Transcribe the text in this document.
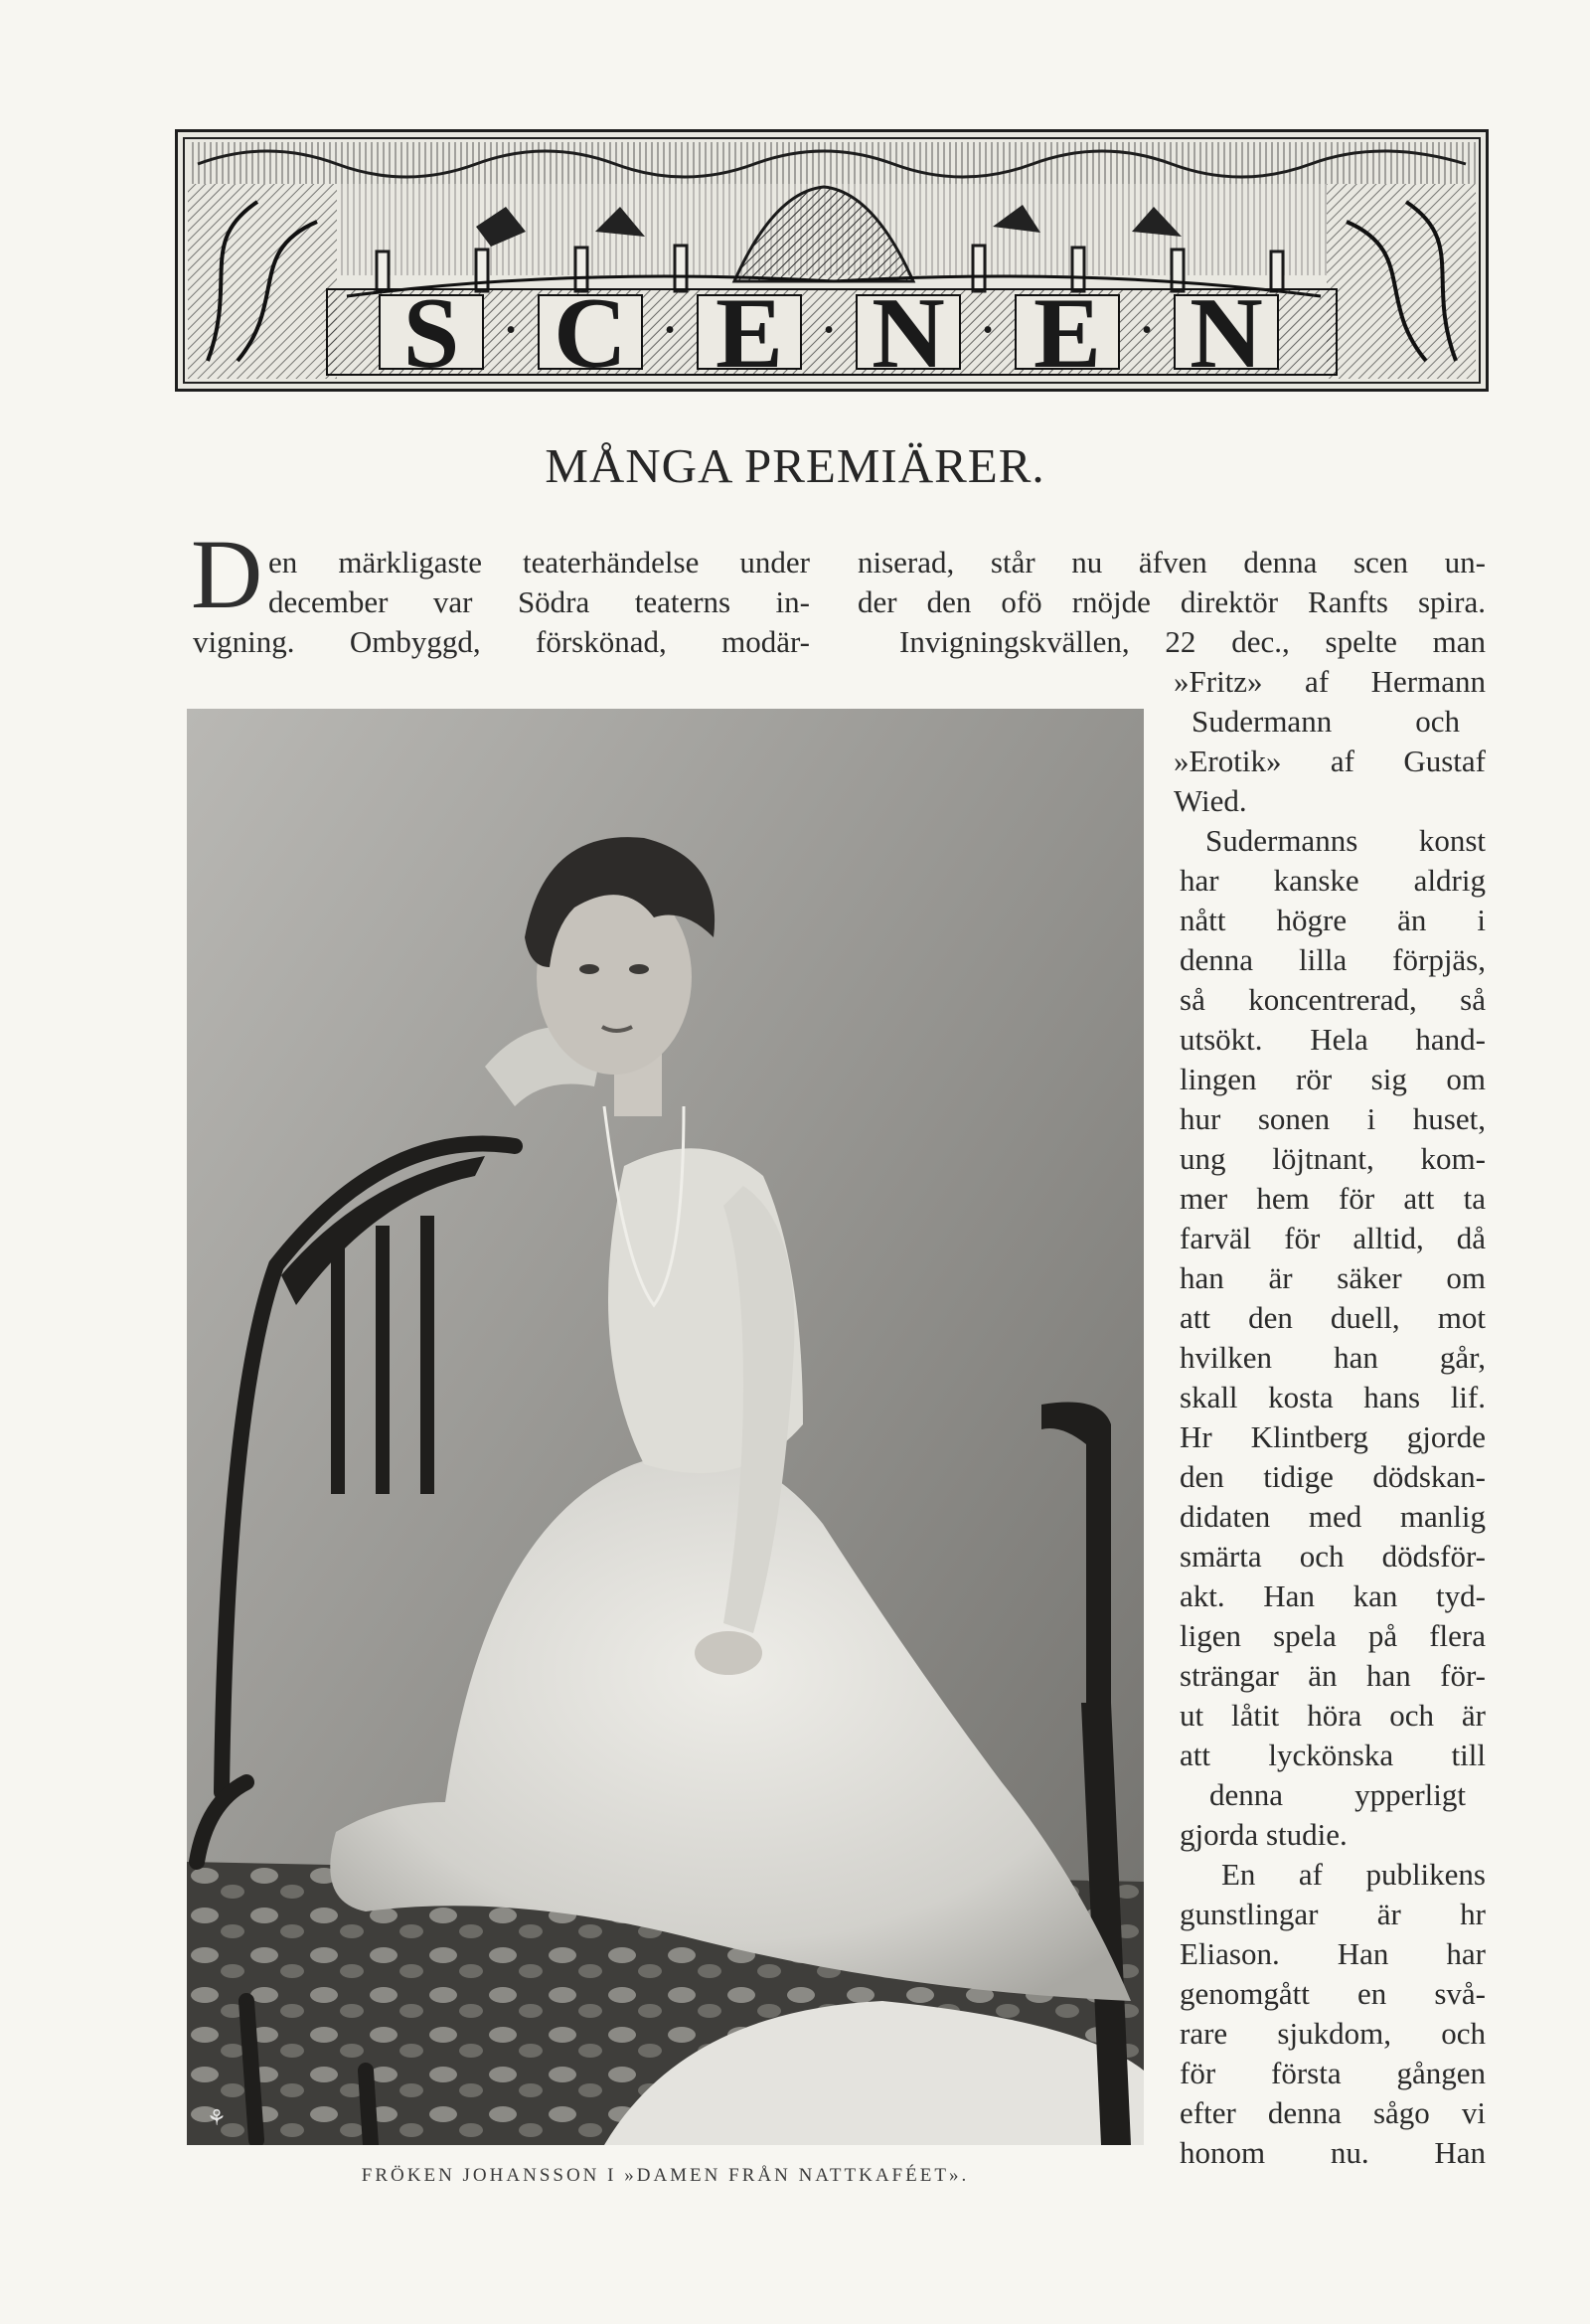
S C E N E N
· · · · ·
MÅNGA PREMIÄRER.
D en märkligaste teaterhändelse under
december var Södra teaterns in-
vigning. Ombyggd, förskönad, modär-
niserad, står nu äfven denna scen un-
der den ofö rnöjde direktör Ranfts spira.
Invigningskvällen, 22 dec., spelte man
»Fritz» af Hermann
Sudermann och
»Erotik» af Gustaf
Wied.
Sudermanns konst
har kanske aldrig
nått högre än i
denna lilla förpjäs,
så koncentrerad, så
utsökt. Hela hand-
lingen rör sig om
hur sonen i huset,
ung löjtnant, kom-
mer hem för att ta
farväl för alltid, då
han är säker om
att den duell, mot
hvilken han går,
skall kosta hans lif.
Hr Klintberg gjorde
den tidige dödskan-
didaten med manlig
smärta och dödsför-
akt. Han kan tyd-
ligen spela på flera
strängar än han för-
ut låtit höra och är
att lyckönska till
denna ypperligt
gjorda studie.
En af publikens
gunstlingar är hr
Eliason. Han har
genomgått en svå-
rare sjukdom, och
för första gången
efter denna sågo vi
honom nu. Han
⚘
FRÖKEN JOHANSSON I »DAMEN FRÅN NATTKAFÉET».
